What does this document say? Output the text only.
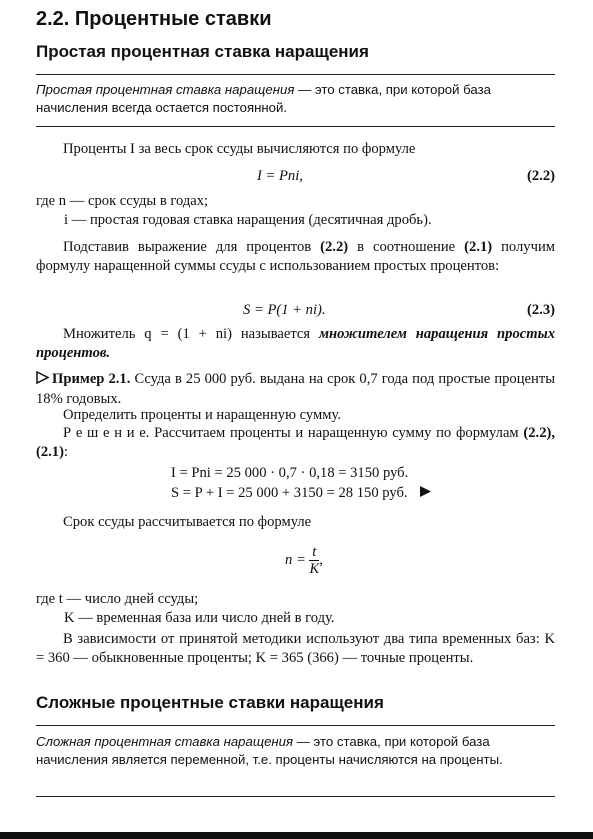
2.2. Процентные ставки
Простая процентная ставка наращения
Простая процентная ставка наращения — это ставка, при которой база начисления всегда остается постоянной.
Проценты I за весь срок ссуды вычисляются по формуле
I = Pni,	(2.2)
где n — срок ссуды в годах;
i — простая годовая ставка наращения (десятичная дробь).
Подставив выражение для процентов (2.2) в соотношение (2.1) получим формулу наращенной суммы ссуды с использованием простых процентов:
S = P(1 + ni).	(2.3)
Множитель q = (1 + ni) называется множителем наращения простых процентов.
Пример 2.1. Ссуда в 25 000 руб. выдана на срок 0,7 года под простые проценты 18% годовых.
Определить проценты и наращенную сумму.
Р е ш е н и е. Рассчитаем проценты и наращенную сумму по формулам (2.2), (2.1):
I = Pni = 25 000 · 0,7 · 0,18 = 3150 руб.
S = P + I = 25 000 + 3150 = 28 150 руб.
Срок ссуды рассчитывается по формуле
$n = \frac{t}{K}$ ,
где t — число дней ссуды;
K — временная база или число дней в году.
В зависимости от принятой методики используют два типа временных баз: K = 360 — обыкновенные проценты; K = 365 (366) — точные проценты.
Сложные процентные ставки наращения
Сложная процентная ставка наращения — это ставка, при которой база начисления является переменной, т.е. проценты начисляются на проценты.
